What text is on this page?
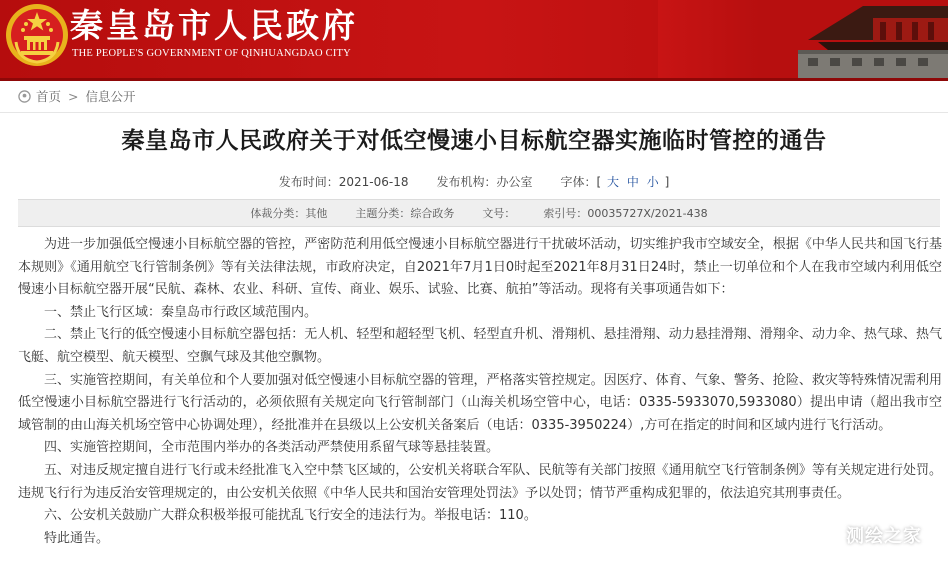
秦皇岛市人民政府
THE PEOPLE'S GOVERNMENT OF QINHUANGDAO CITY
首页 > 信息公开
秦皇岛市人民政府关于对低空慢速小目标航空器实施临时管控的通告
发布时间：2021-06-18 发布机构：办公室 字体：[ 大 中 小 ]
体裁分类：其他	主题分类：综合政务	文号：	索引号：00035727X/2021-438

为进一步加强低空慢速小目标航空器的管控，严密防范利用低空慢速小目标航空器进行干扰破坏活动，切实维护我市空域安全，根据《中华人民共和国飞行基本规则》《通用航空飞行管制条例》等有关法律法规，市政府决定，自2021年7月1日0时起至2021年8月31日24时，禁止一切单位和个人在我市空域内利用低空慢速小目标航空器开展“民航、森林、农业、科研、宣传、商业、娱乐、试验、比赛、航拍”等活动。现将有关事项通告如下：

一、禁止飞行区域：秦皇岛市行政区域范围内。

二、禁止飞行的低空慢速小目标航空器包括：无人机、轻型和超轻型飞机、轻型直升机、滑翔机、悬挂滑翔、动力悬挂滑翔、滑翔伞、动力伞、热气球、热气飞艇、航空模型、航天模型、空飘气球及其他空飘物。

三、实施管控期间，有关单位和个人要加强对低空慢速小目标航空器的管理，严格落实管控规定。因医疗、体育、气象、警务、抢险、救灾等特殊情况需利用低空慢速小目标航空器进行飞行活动的，必须依照有关规定向飞行管制部门（山海关机场空管中心，电话：0335-5933070,5933080）提出申请（超出我市空域管制的由山海关机场空管中心协调处理），经批准并在县级以上公安机关备案后（电话：0335-3950224）,方可在指定的时间和区域内进行飞行活动。

四、实施管控期间，全市范围内举办的各类活动严禁使用系留气球等悬挂装置。

五、对违反规定擅自进行飞行或未经批准飞入空中禁飞区域的，公安机关将联合军队、民航等有关部门按照《通用航空飞行管制条例》等有关规定进行处罚。违规飞行行为违反治安管理规定的，由公安机关依照《中华人民共和国治安管理处罚法》予以处罚；情节严重构成犯罪的，依法追究其刑事责任。

六、公安机关鼓励广大群众积极举报可能扰乱飞行安全的违法行为。举报电话：110。

特此通告。	测绘之家
